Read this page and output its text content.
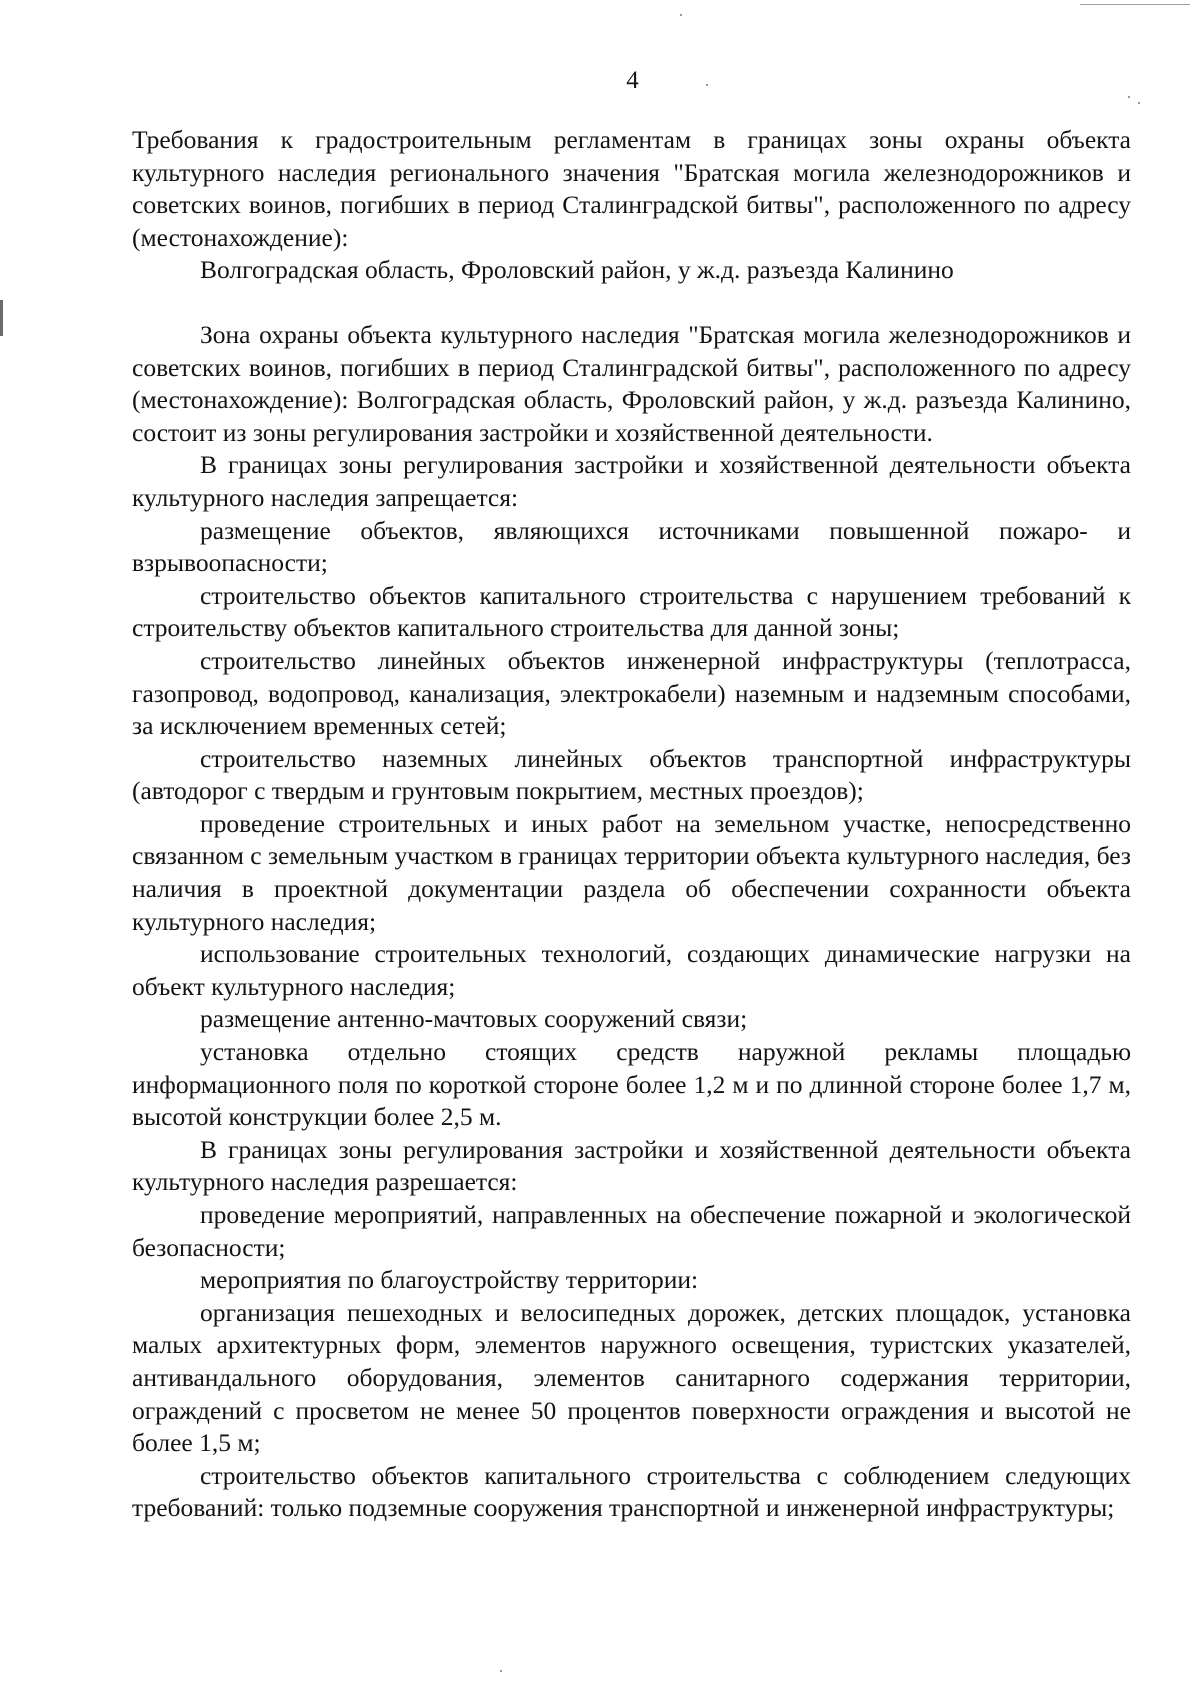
4

Требования к градостроительным регламентам в границах зоны охраны объекта культурного наследия регионального значения "Братская могила железнодорожников и советских воинов, погибших в период Сталинградской битвы", расположенного по адресу (местонахождение):

Волгоградская область, Фроловский район, у ж.д. разъезда Калинино

Зона охраны объекта культурного наследия "Братская могила железнодорожников и советских воинов, погибших в период Сталинградской битвы", расположенного по адресу (местонахождение): Волгоградская область, Фроловский район, у ж.д. разъезда Калинино, состоит из зоны регулирования застройки и хозяйственной деятельности.

В границах зоны регулирования застройки и хозяйственной деятельности объекта культурного наследия запрещается:

размещение объектов, являющихся источниками повышенной пожаро- и взрывоопасности;

строительство объектов капитального строительства с нарушением требований к строительству объектов капитального строительства для данной зоны;

строительство линейных объектов инженерной инфраструктуры (теплотрасса, газопровод, водопровод, канализация, электрокабели) наземным и надземным способами, за исключением временных сетей;

строительство наземных линейных объектов транспортной инфраструктуры (автодорог с твердым и грунтовым покрытием, местных проездов);

проведение строительных и иных работ на земельном участке, непосредственно связанном с земельным участком в границах территории объекта культурного наследия, без наличия в проектной документации раздела об обеспечении сохранности объекта культурного наследия;

использование строительных технологий, создающих динамические нагрузки на объект культурного наследия;

размещение антенно-мачтовых сооружений связи;

установка отдельно стоящих средств наружной рекламы площадью информационного поля по короткой стороне более 1,2 м и по длинной стороне более 1,7 м, высотой конструкции более 2,5 м.

В границах зоны регулирования застройки и хозяйственной деятельности объекта культурного наследия разрешается:

проведение мероприятий, направленных на обеспечение пожарной и экологической безопасности;

мероприятия по благоустройству территории:

организация пешеходных и велосипедных дорожек, детских площадок, установка малых архитектурных форм, элементов наружного освещения, туристских указателей, антивандального оборудования, элементов санитарного содержания территории, ограждений с просветом не менее 50 процентов поверхности ограждения и высотой не более 1,5 м;

строительство объектов капитального строительства с соблюдением следующих требований: только подземные сооружения транспортной и инженерной инфраструктуры;
